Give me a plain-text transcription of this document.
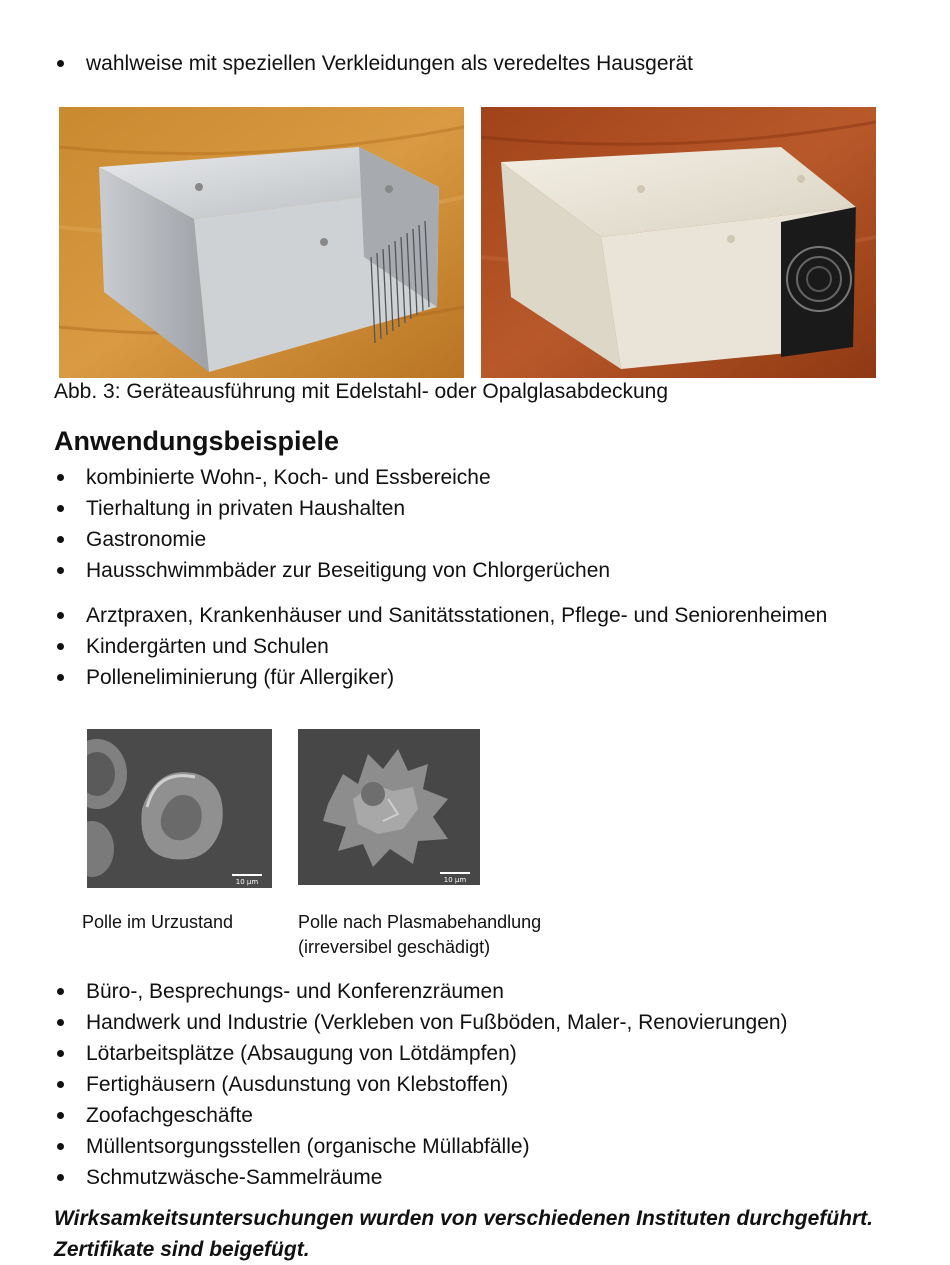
wahlweise mit speziellen Verkleidungen als veredeltes Hausgerät
Abb. 3: Geräteausführung mit Edelstahl- oder Opalglasabdeckung
Anwendungsbeispiele
kombinierte Wohn-, Koch- und Essbereiche
Tierhaltung in privaten Haushalten
Gastronomie
Hausschwimmbäder zur Beseitigung von Chlorgerüchen
Arztpraxen, Krankenhäuser und Sanitätsstationen, Pflege- und Seniorenheimen
Kindergärten und Schulen
Polleneliminierung (für Allergiker)
10 µm	10 µm
Polle im Urzustand	Polle nach Plasmabehandlung
(irreversibel geschädigt)
Büro-, Besprechungs- und Konferenzräumen
Handwerk und Industrie (Verkleben von Fußböden, Maler-, Renovierungen)
Lötarbeitsplätze (Absaugung von Lötdämpfen)
Fertighäusern (Ausdunstung von Klebstoffen)
Zoofachgeschäfte
Müllentsorgungsstellen (organische Müllabfälle)
Schmutzwäsche-Sammelräume
Wirksamkeitsuntersuchungen wurden von verschiedenen Instituten durchgeführt.
Zertifikate sind beigefügt.
